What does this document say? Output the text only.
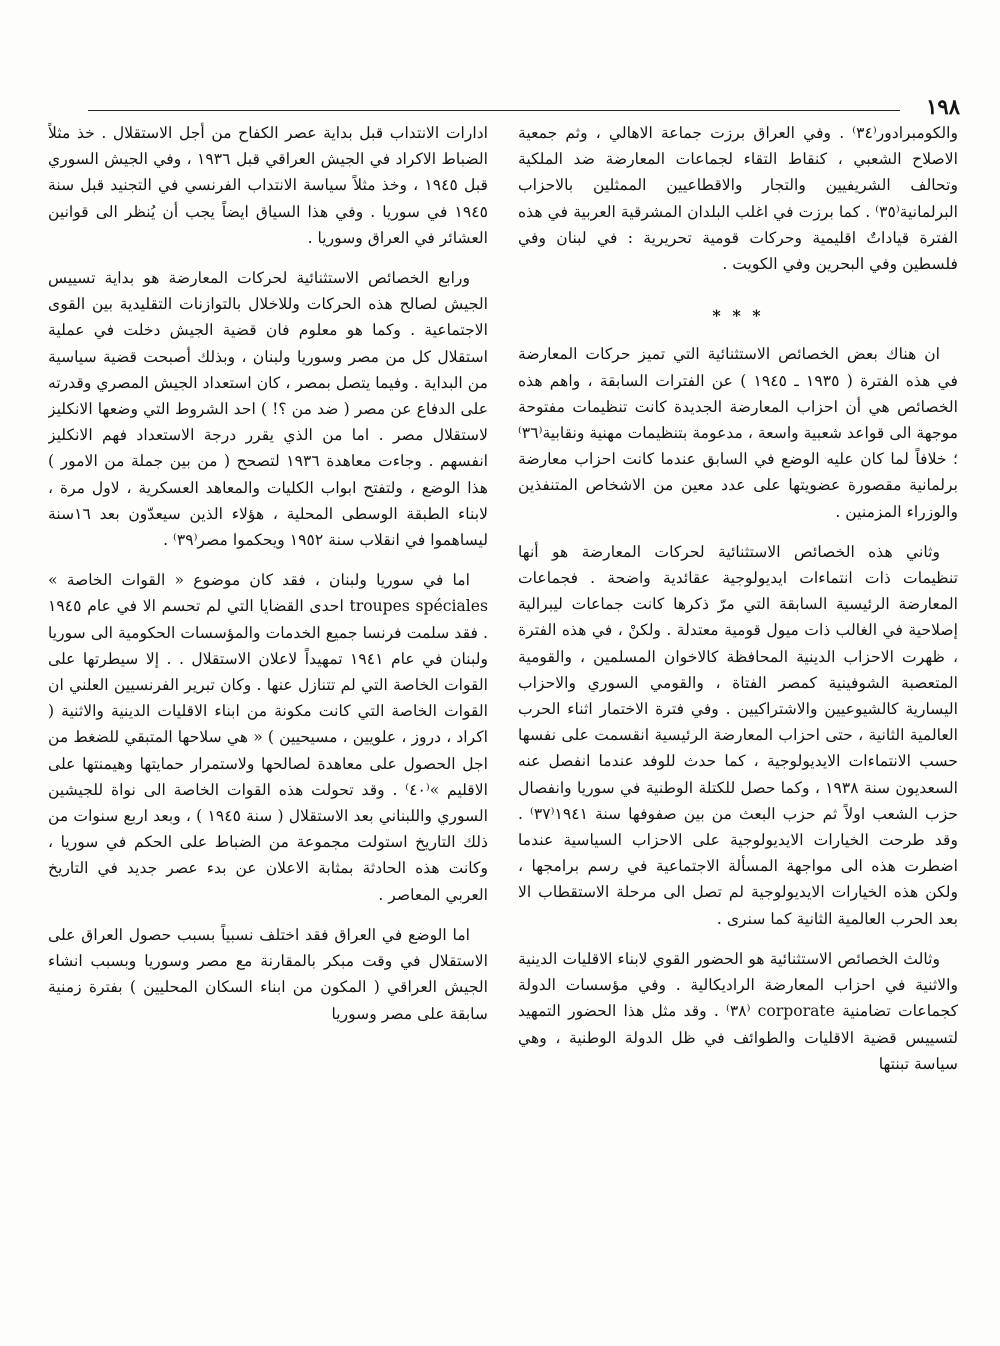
١٩٨

والكومبرادور⁽٣٤⁾ . وفي العراق برزت جماعة الاهالي ، وثم جمعية الاصلاح الشعبي ، كنقاط التقاء لجماعات المعارضة ضد الملكية وتحالف الشريفيين والتجار والاقطاعيين الممثلين بالاحزاب البرلمانية⁽٣٥⁾ . كما برزت في اغلب البلدان المشرقية العربية في هذه الفترة قياداتٌ اقليمية وحركات قومية تحريرية : في لبنان وفي فلسطين وفي البحرين وفي الكويت .

* * *

ان هناك بعض الخصائص الاستثنائية التي تميز حركات المعارضة في هذه الفترة ( ١٩٣٥ ـ ١٩٤٥ ) عن الفترات السابقة ، واهم هذه الخصائص هي أن احزاب المعارضة الجديدة كانت تنظيمات مفتوحة موجهة الى قواعد شعبية واسعة ، مدعومة بتنظيمات مهنية ونقابية⁽٣٦⁾ ؛ خلافاً لما كان عليه الوضع في السابق عندما كانت احزاب معارضة برلمانية مقصورة عضويتها على عدد معين من الاشخاص المتنفذين والوزراء المزمنين .

وثاني هذه الخصائص الاستثنائية لحركات المعارضة هو أنها تنظيمات ذات انتماءات ايديولوجية عقائدية واضحة . فجماعات المعارضة الرئيسية السابقة التي مرّ ذكرها كانت جماعات ليبرالية إصلاحية في الغالب ذات ميول قومية معتدلة . ولكنْ ، في هذه الفترة ، ظهرت الاحزاب الدينية المحافظة كالاخوان المسلمين ، والقومية المتعصبة الشوفينية كمصر الفتاة ، والقومي السوري والاحزاب اليسارية كالشيوعيين والاشتراكيين . وفي فترة الاختمار اثناء الحرب العالمية الثانية ، حتى احزاب المعارضة الرئيسية انقسمت على نفسها حسب الانتماءات الايديولوجية ، كما حدث للوفد عندما انفصل عنه السعديون سنة ١٩٣٨ ، وكما حصل للكتلة الوطنية في سوريا وانفصال حزب الشعب اولاً ثم حزب البعث من بين صفوفها سنة ١٩٤١⁽٣٧⁾ . وقد طرحت الخيارات الايديولوجية على الاحزاب السياسية عندما اضطرت هذه الى مواجهة المسألة الاجتماعية في رسم برامجها ، ولكن هذه الخيارات الايديولوجية لم تصل الى مرحلة الاستقطاب الا بعد الحرب العالمية الثانية كما سنرى .

وثالث الخصائص الاستثنائية هو الحضور القوي لابناء الاقليات الدينية والاثنية في احزاب المعارضة الراديكالية . وفي مؤسسات الدولة كجماعات تضامنية corporate ⁽٣٨⁾ . وقد مثل هذا الحضور التمهيد لتسييس قضية الاقليات والطوائف في ظل الدولة الوطنية ، وهي سياسة تبنتها

ادارات الانتداب قبل بداية عصر الكفاح من أجل الاستقلال . خذ مثلاً الضباط الاكراد في الجيش العراقي قبل ١٩٣٦ ، وفي الجيش السوري قبل ١٩٤٥ ، وخذ مثلاً سياسة الانتداب الفرنسي في التجنيد قبل سنة ١٩٤٥ في سوريا . وفي هذا السياق ايضاً يجب أن يُنظر الى قوانين العشائر في العراق وسوريا .

ورابع الخصائص الاستثنائية لحركات المعارضة هو بداية تسييس الجيش لصالح هذه الحركات وللاخلال بالتوازنات التقليدية بين القوى الاجتماعية . وكما هو معلوم فان قضية الجيش دخلت في عملية استقلال كل من مصر وسوريا ولبنان ، وبذلك أصبحت قضية سياسية من البداية . وفيما يتصل بمصر ، كان استعداد الجيش المصري وقدرته على الدفاع عن مصر ( ضد من ؟! ) احد الشروط التي وضعها الانكليز لاستقلال مصر . اما من الذي يقرر درجة الاستعداد فهم الانكليز انفسهم . وجاءت معاهدة ١٩٣٦ لتصحح ( من بين جملة من الامور ) هذا الوضع ، ولتفتح ابواب الكليات والمعاهد العسكرية ، لاول مرة ، لابناء الطبقة الوسطى المحلية ، هؤلاء الذين سيعدّون بعد ١٦سنة ليساهموا في انقلاب سنة ١٩٥٢ ويحكموا مصر⁽٣٩⁾ .

اما في سوريا ولبنان ، فقد كان موضوع « القوات الخاصة » troupes spéciales احدى القضايا التي لم تحسم الا في عام ١٩٤٥ . فقد سلمت فرنسا جميع الخدمات والمؤسسات الحكومية الى سوريا ولبنان في عام ١٩٤١ تمهيداً لاعلان الاستقلال . . إلا سيطرتها على القوات الخاصة التي لم تتنازل عنها . وكان تبرير الفرنسيين العلني ان القوات الخاصة التي كانت مكونة من ابناء الاقليات الدينية والاثنية ( اكراد ، دروز ، علويين ، مسيحيين ) « هي سلاحها المتبقي للضغط من اجل الحصول على معاهدة لصالحها ولاستمرار حمايتها وهيمنتها على الاقليم »⁽٤٠⁾ . وقد تحولت هذه القوات الخاصة الى نواة للجيشين السوري واللبناني بعد الاستقلال ( سنة ١٩٤٥ ) ، وبعد اربع سنوات من ذلك التاريخ استولت مجموعة من الضباط على الحكم في سوريا ، وكانت هذه الحادثة بمثابة الاعلان عن بدء عصر جديد في التاريخ العربي المعاصر .

اما الوضع في العراق فقد اختلف نسبياً بسبب حصول العراق على الاستقلال في وقت مبكر بالمقارنة مع مصر وسوريا وبسبب انشاء الجيش العراقي ( المكون من ابناء السكان المحليين ) بفترة زمنية سابقة على مصر وسوريا
